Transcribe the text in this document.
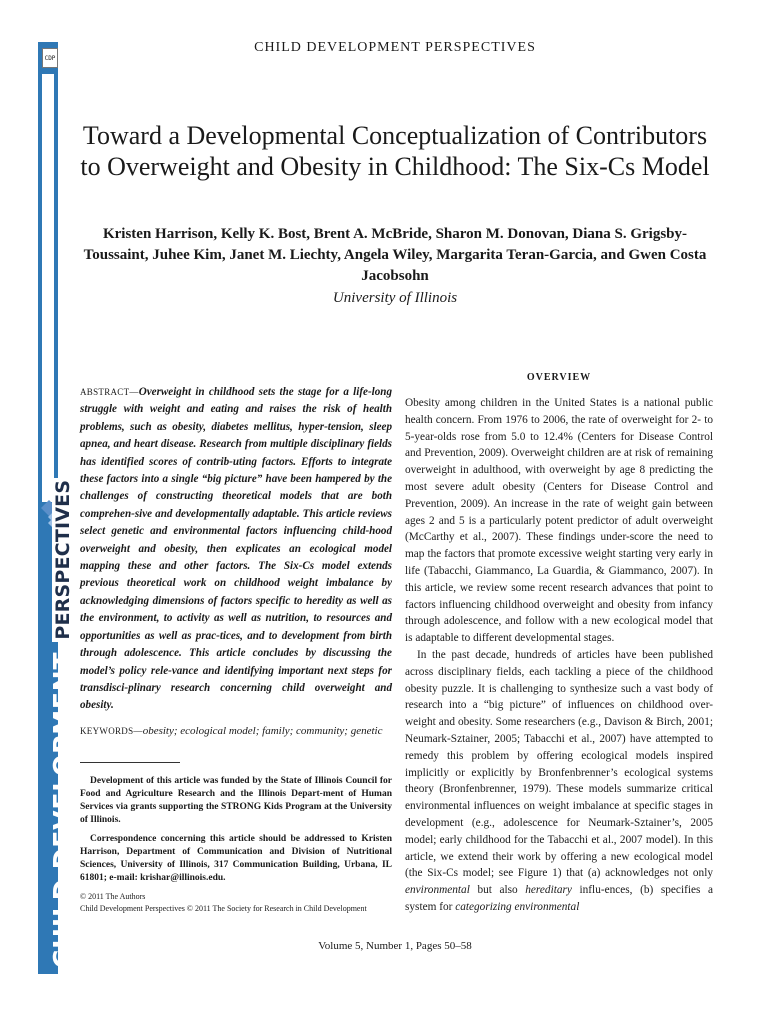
CDP
CHILD DEVELOPMENT
PERSPECTIVES
CHILD DEVELOPMENT PERSPECTIVES
Toward a Developmental Conceptualization of Contributors to Overweight and Obesity in Childhood: The Six-Cs Model
Kristen Harrison, Kelly K. Bost, Brent A. McBride, Sharon M. Donovan, Diana S. Grigsby-Toussaint, Juhee Kim, Janet M. Liechty, Angela Wiley, Margarita Teran-Garcia, and Gwen Costa Jacobsohn
University of Illinois
ABSTRACT—Overweight in childhood sets the stage for a life-long struggle with weight and eating and raises the risk of health problems, such as obesity, diabetes mellitus, hyper-tension, sleep apnea, and heart disease. Research from multiple disciplinary fields has identified scores of contrib-uting factors. Efforts to integrate these factors into a single “big picture” have been hampered by the challenges of constructing theoretical models that are both comprehen-sive and developmentally adaptable. This article reviews select genetic and environmental factors influencing child-hood overweight and obesity, then explicates an ecological model mapping these and other factors. The Six-Cs model extends previous theoretical work on childhood weight imbalance by acknowledging dimensions of factors specific to heredity as well as the environment, to activity as well as nutrition, to resources and opportunities as well as prac-tices, and to development from birth through adolescence. This article concludes by discussing the model’s policy rele-vance and identifying important next steps for transdisci-plinary research concerning child overweight and obesity.
KEYWORDS—obesity; ecological model; family; community; genetic
Development of this article was funded by the State of Illinois Council for Food and Agriculture Research and the Illinois Depart-ment of Human Services via grants supporting the STRONG Kids Program at the University of Illinois.
Correspondence concerning this article should be addressed to Kristen Harrison, Department of Communication and Division of Nutritional Sciences, University of Illinois, 317 Communication Building, Urbana, IL 61801; e-mail: krishar@illinois.edu.
© 2011 The Authors
Child Development Perspectives © 2011 The Society for Research in Child Development
OVERVIEW

Obesity among children in the United States is a national public health concern. From 1976 to 2006, the rate of overweight for 2- to 5-year-olds rose from 5.0 to 12.4% (Centers for Disease Control and Prevention, 2009). Overweight children are at risk of remaining overweight in adulthood, with overweight by age 8 predicting the most severe adult obesity (Centers for Disease Control and Prevention, 2009). An increase in the rate of weight gain between ages 2 and 5 is a particularly potent predictor of adult overweight (McCarthy et al., 2007). These findings under-score the need to map the factors that promote excessive weight starting very early in life (Tabacchi, Giammanco, La Guardia, & Giammanco, 2007). In this article, we review some recent research advances that point to factors influencing childhood overweight and obesity from infancy through adolescence, and follow with a new ecological model that is adaptable to different developmental stages.

In the past decade, hundreds of articles have been published across disciplinary fields, each tackling a piece of the childhood obesity puzzle. It is challenging to synthesize such a vast body of research into a “big picture” of influences on childhood over-weight and obesity. Some researchers (e.g., Davison & Birch, 2001; Neumark-Sztainer, 2005; Tabacchi et al., 2007) have attempted to remedy this problem by offering ecological models inspired implicitly or explicitly by Bronfenbrenner’s ecological systems theory (Bronfenbrenner, 1979). These models summarize critical environmental influences on weight imbalance at specific stages in development (e.g., adolescence for Neumark-Sztainer’s, 2005 model; early childhood for the Tabacchi et al., 2007 model). In this article, we extend their work by offering a new ecological model (the Six-Cs model; see Figure 1) that (a) acknowledges not only environmental but also hereditary influ-ences, (b) specifies a system for categorizing environmental

Volume 5, Number 1, Pages 50–58
